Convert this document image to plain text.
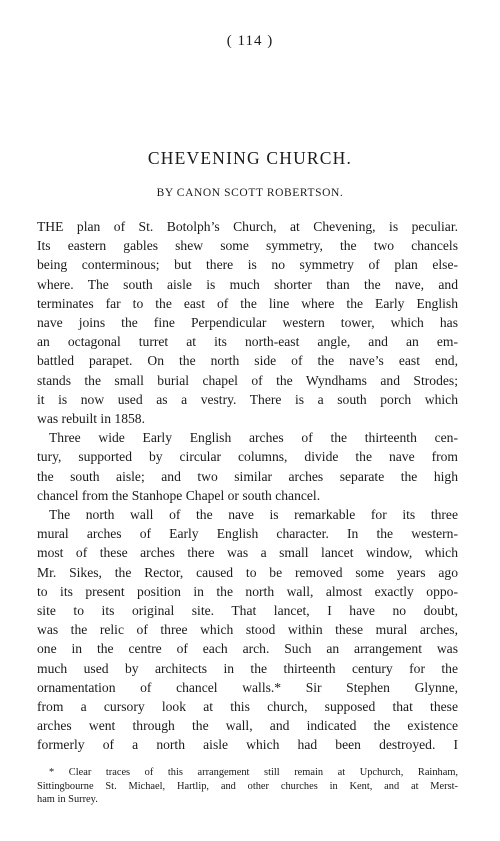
( 114 )
CHEVENING CHURCH.
BY CANON SCOTT ROBERTSON.
THE plan of St. Botolph’s Church, at Chevening, is peculiar.
Its eastern gables shew some symmetry, the two chancels
being conterminous; but there is no symmetry of plan else-
where. The south aisle is much shorter than the nave, and
terminates far to the east of the line where the Early English
nave joins the fine Perpendicular western tower, which has
an octagonal turret at its north-east angle, and an em-
battled parapet. On the north side of the nave’s east end,
stands the small burial chapel of the Wyndhams and Strodes;
it is now used as a vestry. There is a south porch which
was rebuilt in 1858.
Three wide Early English arches of the thirteenth cen-
tury, supported by circular columns, divide the nave from
the south aisle; and two similar arches separate the high
chancel from the Stanhope Chapel or south chancel.
The north wall of the nave is remarkable for its three
mural arches of Early English character. In the western-
most of these arches there was a small lancet window, which
Mr. Sikes, the Rector, caused to be removed some years ago
to its present position in the north wall, almost exactly oppo-
site to its original site. That lancet, I have no doubt,
was the relic of three which stood within these mural arches,
one in the centre of each arch. Such an arrangement was
much used by architects in the thirteenth century for the
ornamentation of chancel walls.* Sir Stephen Glynne,
from a cursory look at this church, supposed that these
arches went through the wall, and indicated the existence
formerly of a north aisle which had been destroyed. I
* Clear traces of this arrangement still remain at Upchurch, Rainham,
Sittingbourne St. Michael, Hartlip, and other churches in Kent, and at Merst-
ham in Surrey.
